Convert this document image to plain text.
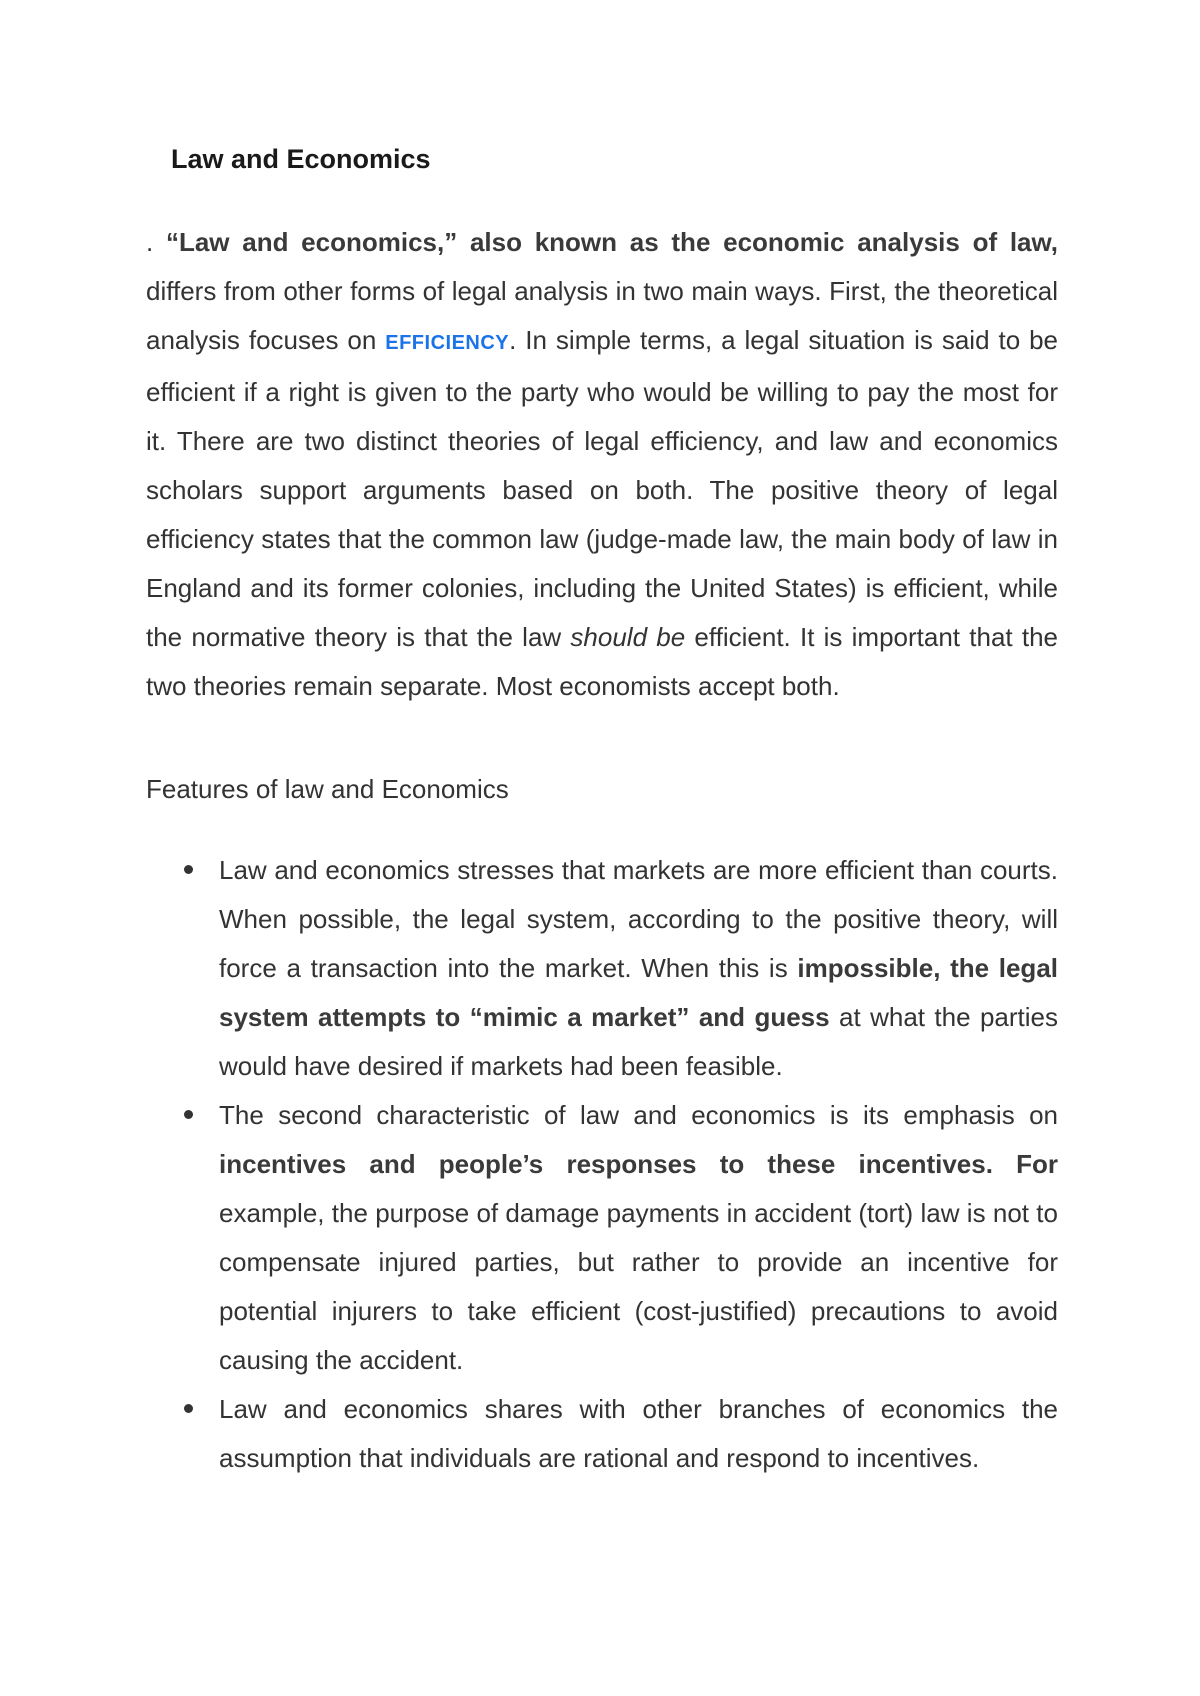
Law and Economics

. “Law and economics,” also known as the economic analysis of law, differs from other forms of legal analysis in two main ways. First, the theoretical analysis focuses on EFFICIENCY. In simple terms, a legal situation is said to be efficient if a right is given to the party who would be willing to pay the most for it. There are two distinct theories of legal efficiency, and law and economics scholars support arguments based on both. The positive theory of legal efficiency states that the common law (judge-made law, the main body of law in England and its former colonies, including the United States) is efficient, while the normative theory is that the law should be efficient. It is important that the two theories remain separate. Most economists accept both.

Features of law and Economics
Law and economics stresses that markets are more efficient than courts. When possible, the legal system, according to the positive theory, will force a transaction into the market. When this is impossible, the legal system attempts to “mimic a market” and guess at what the parties would have desired if markets had been feasible.
The second characteristic of law and economics is its emphasis on incentives and people’s responses to these incentives. For example, the purpose of damage payments in accident (tort) law is not to compensate injured parties, but rather to provide an incentive for potential injurers to take efficient (cost-justified) precautions to avoid causing the accident.
Law and economics shares with other branches of economics the assumption that individuals are rational and respond to incentives.
